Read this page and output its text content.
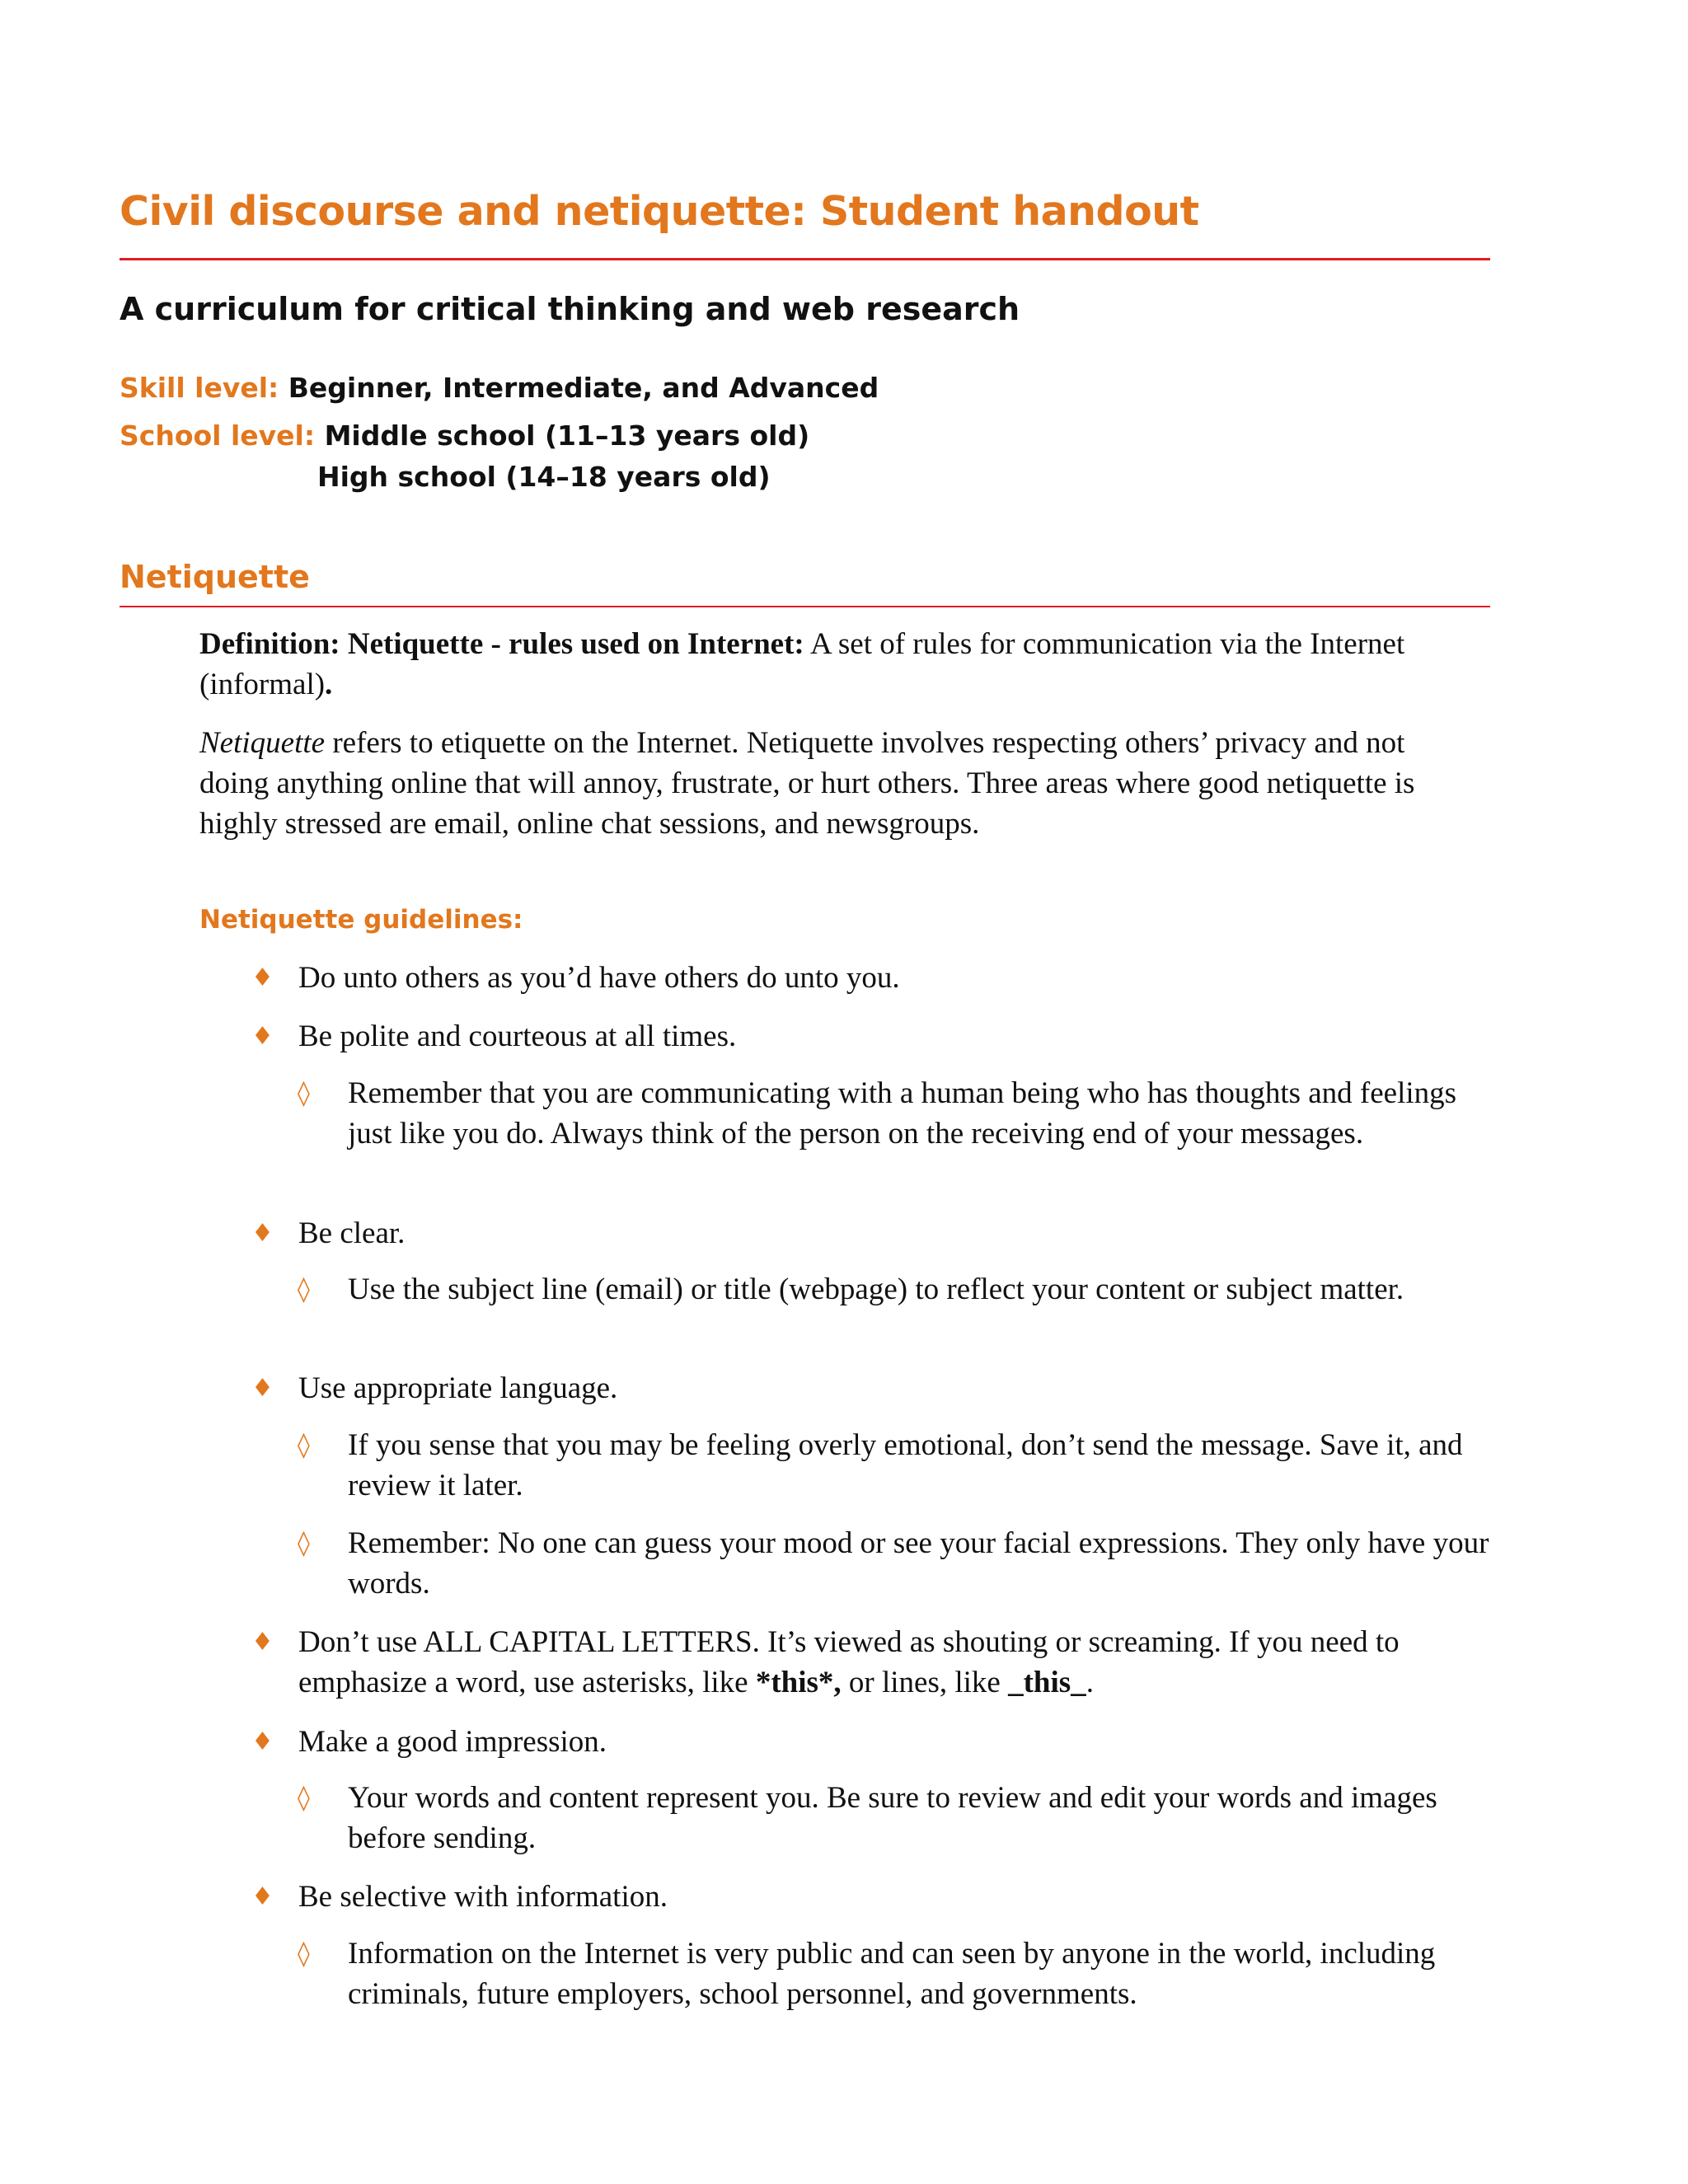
Civil discourse and netiquette: Student handout
A curriculum for critical thinking and web research
Skill level: Beginner, Intermediate, and Advanced
School level: Middle school (11–13 years old)
High school (14–18 years old)
Netiquette
Definition: Netiquette - rules used on Internet: A set of rules for communication via the Internet (informal).
Netiquette refers to etiquette on the Internet. Netiquette involves respecting others’ privacy and not doing anything online that will annoy, frustrate, or hurt others. Three areas where good netiquette is highly stressed are email, online chat sessions, and newsgroups.
Netiquette guidelines:
♦ Do unto others as you’d have others do unto you.
♦ Be polite and courteous at all times.
◊ Remember that you are communicating with a human being who has thoughts and feelings just like you do. Always think of the person on the receiving end of your messages.
♦ Be clear.
◊ Use the subject line (email) or title (webpage) to reflect your content or subject matter.
♦ Use appropriate language.
◊ If you sense that you may be feeling overly emotional, don’t send the message. Save it, and review it later.
◊ Remember: No one can guess your mood or see your facial expressions. They only have your words.
♦ Don’t use ALL CAPITAL LETTERS. It’s viewed as shouting or screaming. If you need to emphasize a word, use asterisks, like *this*, or lines, like _this_.
♦ Make a good impression.
◊ Your words and content represent you. Be sure to review and edit your words and images before sending.
♦ Be selective with information.
◊ Information on the Internet is very public and can seen by anyone in the world, including criminals, future employers, school personnel, and governments.
